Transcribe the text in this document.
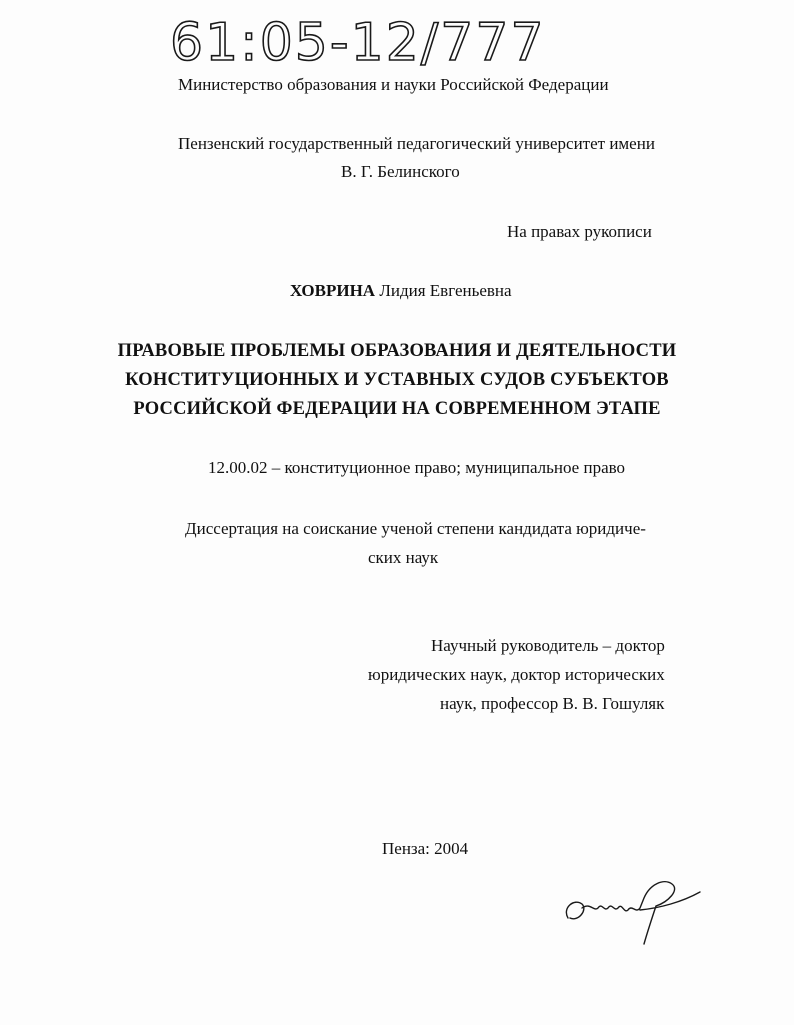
61:05-12/777
Министерство образования и науки Российской Федерации
Пензенский государственный педагогический университет имени
В. Г. Белинского
На правах рукописи
ХОВРИНА Лидия Евгеньевна
ПРАВОВЫЕ ПРОБЛЕМЫ ОБРАЗОВАНИЯ И ДЕЯТЕЛЬНОСТИ
КОНСТИТУЦИОННЫХ И УСТАВНЫХ СУДОВ СУБЪЕКТОВ
РОССИЙСКОЙ ФЕДЕРАЦИИ НА СОВРЕМЕННОМ ЭТАПЕ
12.00.02 – конституционное право; муниципальное право
Диссертация на соискание ученой степени кандидата юридиче-
ских наук
Научный руководитель – доктор
юридических наук, доктор исторических
наук, профессор В. В. Гошуляк
Пенза: 2004
